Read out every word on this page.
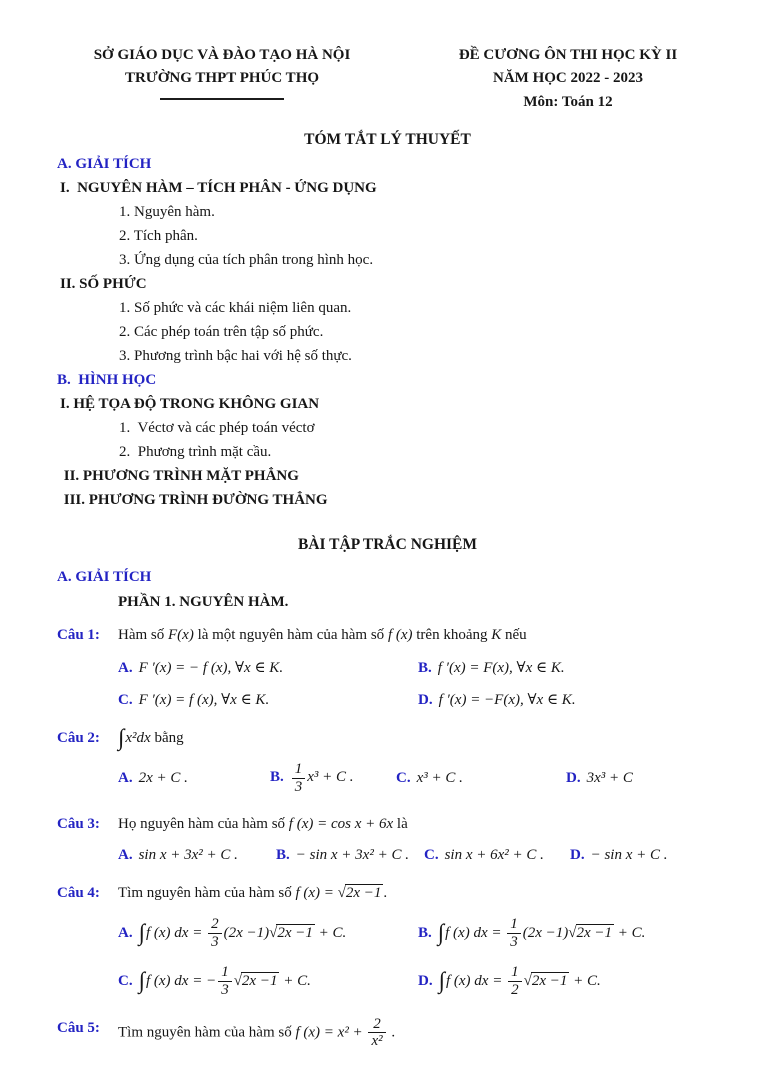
SỞ GIÁO DỤC VÀ ĐÀO TẠO HÀ NỘI
TRƯỜNG THPT PHÚC THỌ
ĐỀ CƯƠNG ÔN THI HỌC KỲ II
NĂM HỌC 2022 - 2023
Môn: Toán 12
TÓM TẮT LÝ THUYẾT
A. GIẢI TÍCH
I.  NGUYÊN HÀM – TÍCH PHÂN - ỨNG DỤNG
1. Nguyên hàm.
2. Tích phân.
3. Ứng dụng của tích phân trong hình học.
II. SỐ PHỨC
1. Số phức và các khái niệm liên quan.
2. Các phép toán trên tập số phức.
3. Phương trình bậc hai với hệ số thực.
B.  HÌNH HỌC
I. HỆ TỌA ĐỘ TRONG KHÔNG GIAN
1.  Véctơ và các phép toán véctơ
2.  Phương trình mặt cầu.
II. PHƯƠNG TRÌNH MẶT PHẲNG
III. PHƯƠNG TRÌNH ĐƯỜNG THẲNG
BÀI TẬP TRẮC NGHIỆM
A. GIẢI TÍCH
PHẦN 1. NGUYÊN HÀM.
Câu 1:	Hàm số F(x) là một nguyên hàm của hàm số f (x) trên khoảng K nếu
A. F ′(x) = − f (x), ∀x ∈ K.	B. f ′(x) = F(x), ∀x ∈ K.
C. F ′(x) = f (x), ∀x ∈ K.	D. f ′(x) = −F(x), ∀x ∈ K.
Câu 2: ∫x²dx bằng
A. 2x + C .	B. $\frac{1}{3} x^3 + C$ .	C. x³ + C .	D. 3x³ + C
Câu 3:	Họ nguyên hàm của hàm số f (x) = cos x + 6x là
A. sin x + 3x² + C .	B. − sin x + 3x² + C .	C. sin x + 6x² + C .	D. − sin x + C .
Câu 4:	Tìm nguyên hàm của hàm số f (x) = √2x −1 .
A. ∫f (x) dx = $\frac{2}{3} (2x -1)√2x -1 + C$.	B. ∫f (x) dx = $\frac{1}{3} (2x -1)√2x -1 + C$.
C. ∫f (x) dx = − $\frac{1}{3} √2x -1 + C$.	D. ∫f (x) dx = $\frac{1}{2} √2x -1 + C$.
Câu 5:	Tìm nguyên hàm của hàm số f $(x) = x^2 + \frac{2}{\text{x²}}$ .
